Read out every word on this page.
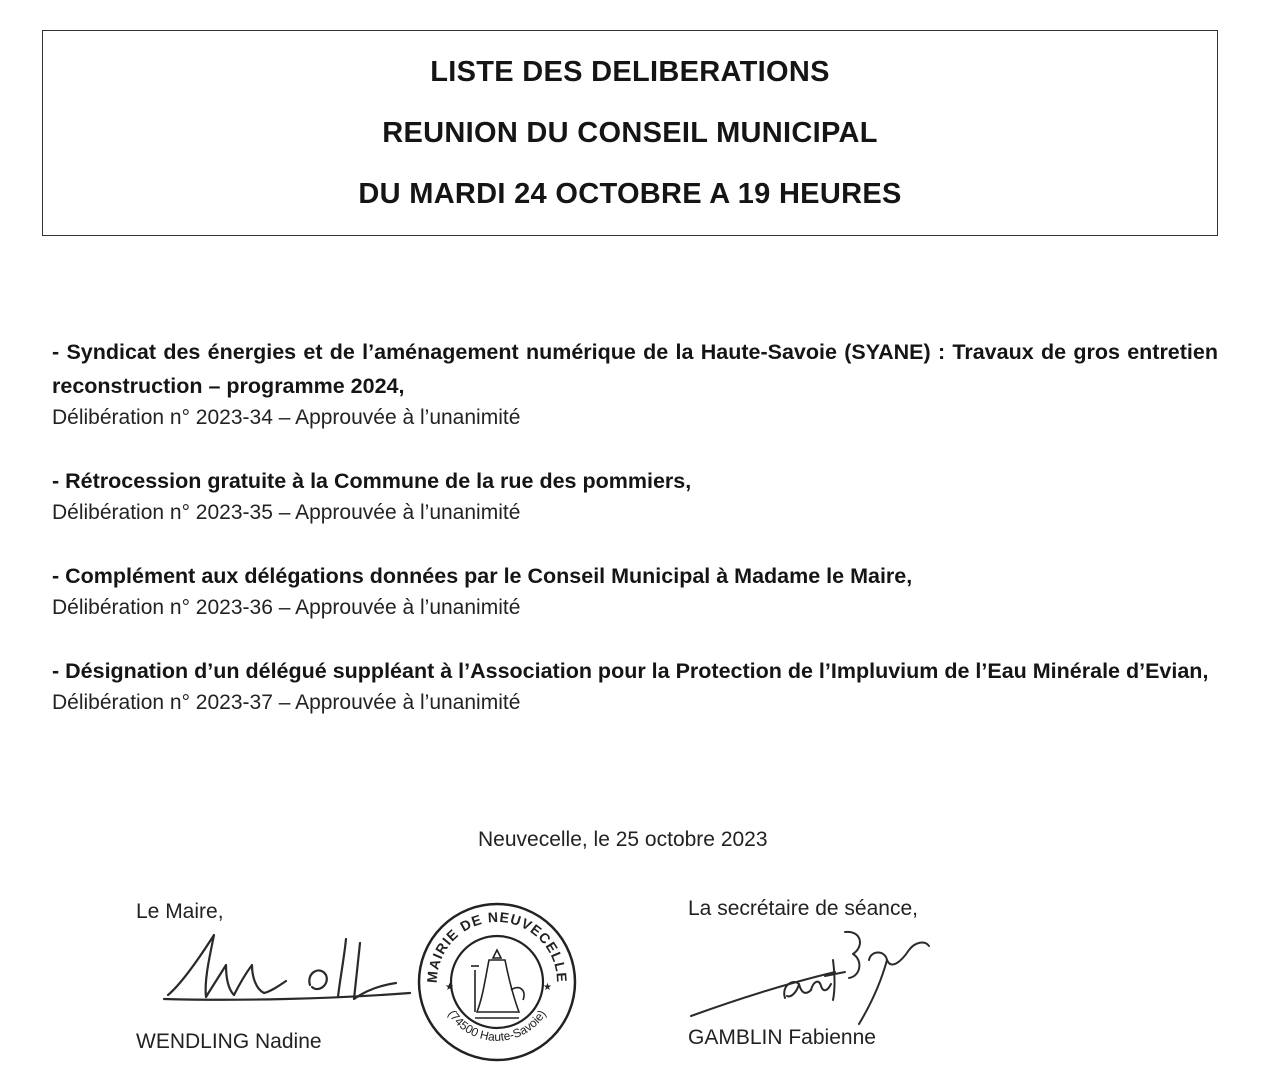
LISTE DES DELIBERATIONS
REUNION DU CONSEIL MUNICIPAL
DU MARDI 24 OCTOBRE A 19 HEURES
- Syndicat des énergies et de l’aménagement numérique de la Haute-Savoie (SYANE) : Travaux de gros entretien reconstruction – programme 2024,
Délibération n° 2023-34 – Approuvée à l’unanimité
- Rétrocession gratuite à la Commune de la rue des pommiers,
Délibération n° 2023-35 – Approuvée à l’unanimité
- Complément aux délégations données par le Conseil Municipal à Madame le Maire,
Délibération n° 2023-36 – Approuvée à l’unanimité
- Désignation d’un délégué suppléant à l’Association pour la Protection de l’Impluvium de l’Eau Minérale d’Evian,
Délibération n° 2023-37 – Approuvée à l’unanimité
Neuvecelle, le 25 octobre 2023
Le Maire,	La secrétaire de séance,
WENDLING Nadine	GAMBLIN Fabienne
MAIRIE DE NEUVECELLE
(74500 Haute-Savoie)
★	★
